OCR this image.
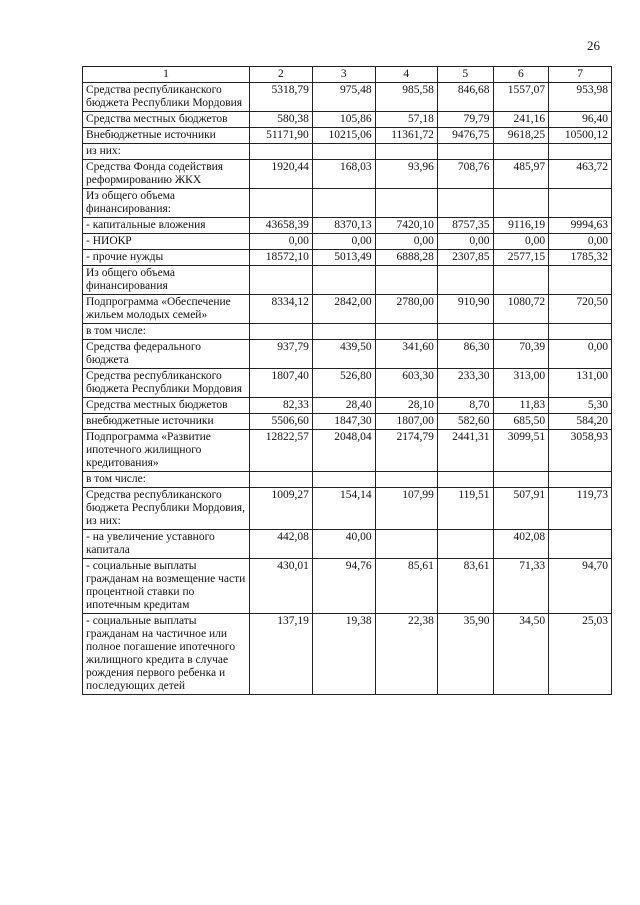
26
1	2	3	4	5	6	7
Средства республиканского бюджета Республики Мордовия	5318,79	975,48	985,58	846,68	1557,07	953,98
Средства местных бюджетов	580,38	105,86	57,18	79,79	241,16	96,40
Внебюджетные источники	51171,90	10215,06	11361,72	9476,75	9618,25	10500,12
из них:						
Средства Фонда содействия реформированию ЖКХ	1920,44	168,03	93,96	708,76	485,97	463,72
Из общего объема финансирования:						
- капитальные вложения	43658,39	8370,13	7420,10	8757,35	9116,19	9994,63
- НИОКР	0,00	0,00	0,00	0,00	0,00	0,00
- прочие нужды	18572,10	5013,49	6888,28	2307,85	2577,15	1785,32
Из общего объема финансирования						
Подпрограмма «Обеспечение жильем молодых семей»	8334,12	2842,00	2780,00	910,90	1080,72	720,50
в том числе:						
Средства федерального бюджета	937,79	439,50	341,60	86,30	70,39	0,00
Средства республиканского бюджета Республики Мордовия	1807,40	526,80	603,30	233,30	313,00	131,00
Средства местных бюджетов	82,33	28,40	28,10	8,70	11,83	5,30
внебюджетные источники	5506,60	1847,30	1807,00	582,60	685,50	584,20
Подпрограмма «Развитие ипотечного жилищного кредитования»	12822,57	2048,04	2174,79	2441,31	3099,51	3058,93
в том числе:						
Средства республиканского бюджета Республики Мордовия, из них:	1009,27	154,14	107,99	119,51	507,91	119,73
- на увеличение уставного капитала	442,08	40,00			402,08	
- социальные выплаты гражданам на возмещение части процентной ставки по ипотечным кредитам	430,01	94,76	85,61	83,61	71,33	94,70
- социальные выплаты гражданам на частичное или полное погашение ипотечного жилищного кредита в случае рождения первого ребенка и последующих детей	137,19	19,38	22,38	35,90	34,50	25,03
